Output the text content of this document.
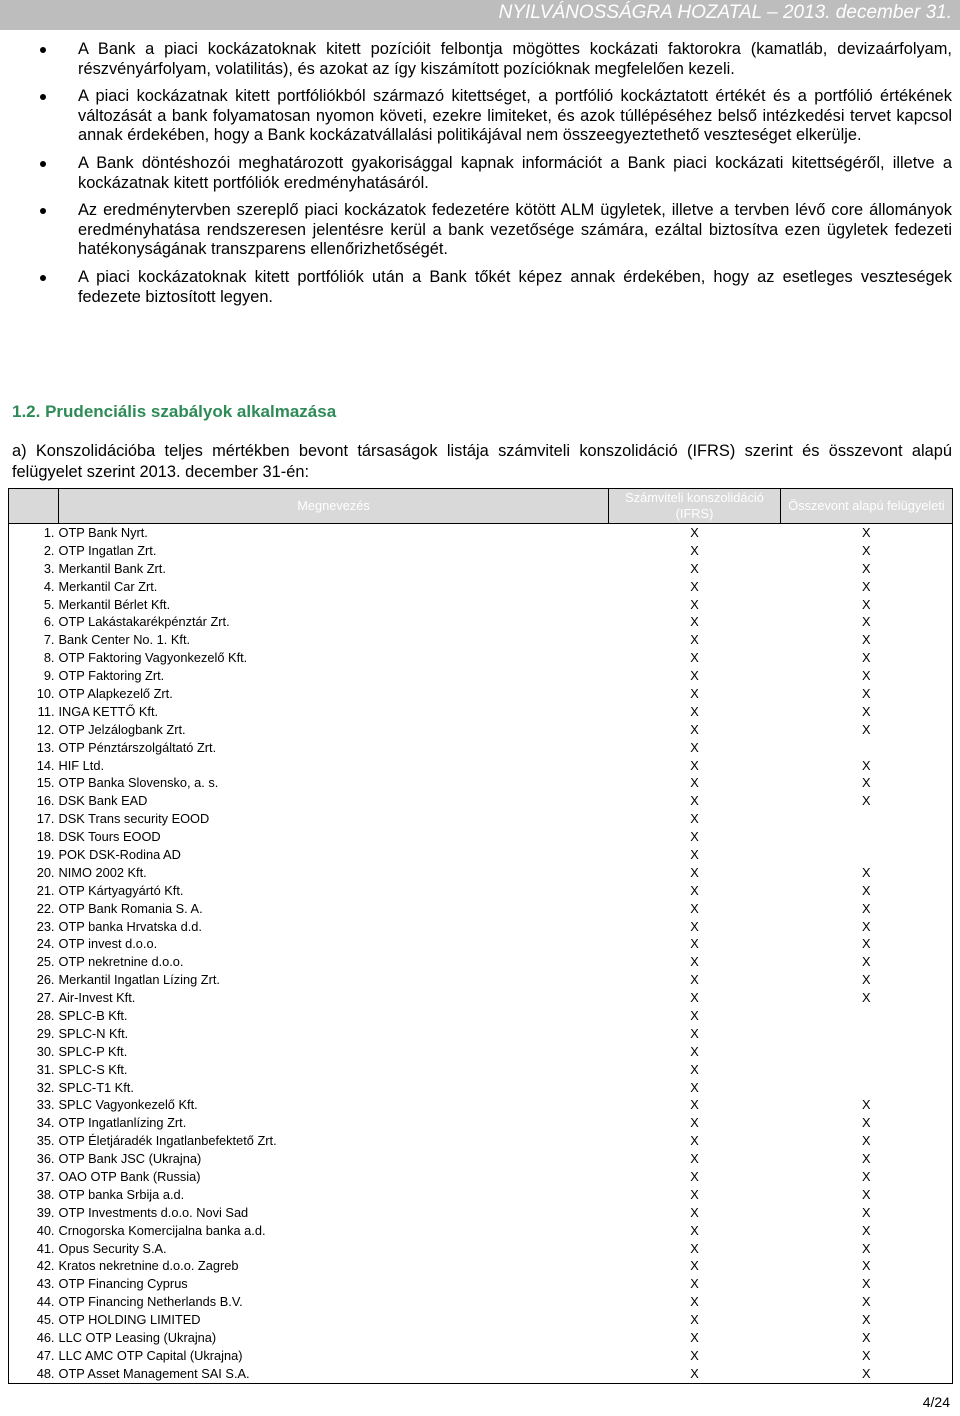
NYILVÁNOSSÁGRA HOZATAL – 2013. december 31.
A Bank a piaci kockázatoknak kitett pozícióit felbontja mögöttes kockázati faktorokra (kamatláb, devizaárfolyam, részvényárfolyam, volatilitás), és azokat az így kiszámított pozícióknak megfelelően kezeli.
A piaci kockázatnak kitett portfóliókból származó kitettséget, a portfólió kockáztatott értékét és a portfólió értékének változását a bank folyamatosan nyomon követi, ezekre limiteket, és azok túllépéséhez belső intézkedési tervet kapcsol annak érdekében, hogy a Bank kockázatvállalási politikájával nem összeegyeztethető veszteséget elkerülje.
A Bank döntéshozói meghatározott gyakorisággal kapnak információt a Bank piaci kockázati kitettségéről, illetve a kockázatnak kitett portfóliók eredményhatásáról.
Az eredménytervben szereplő piaci kockázatok fedezetére kötött ALM ügyletek, illetve a tervben lévő core állományok eredményhatása rendszeresen jelentésre kerül a bank vezetősége számára, ezáltal biztosítva ezen ügyletek fedezeti hatékonyságának transzparens ellenőrizhetőségét.
A piaci kockázatoknak kitett portfóliók után a Bank tőkét képez annak érdekében, hogy az esetleges veszteségek fedezete biztosított legyen.
1.2. Prudenciális szabályok alkalmazása

a) Konszolidációba teljes mértékben bevont társaságok listája számviteli konszolidáció (IFRS) szerint és összevont alapú felügyelet szerint 2013. december 31-én:

	Megnevezés	Számviteli konszolidáció (IFRS)	Összevont alapú felügyeleti
1.	OTP Bank Nyrt.	X	X
2.	OTP Ingatlan Zrt.	X	X
3.	Merkantil Bank Zrt.	X	X
4.	Merkantil Car Zrt.	X	X
5.	Merkantil Bérlet Kft.	X	X
6.	OTP Lakástakarékpénztár Zrt.	X	X
7.	Bank Center No. 1. Kft.	X	X
8.	OTP Faktoring Vagyonkezelő Kft.	X	X
9.	OTP Faktoring Zrt.	X	X
10.	OTP Alapkezelő Zrt.	X	X
11.	INGA KETTŐ Kft.	X	X
12.	OTP Jelzálogbank Zrt.	X	X
13.	OTP Pénztárszolgáltató Zrt.	X	
14.	HIF Ltd.	X	X
15.	OTP Banka Slovensko, a. s.	X	X
16.	DSK Bank EAD	X	X
17.	DSK Trans security EOOD	X	
18.	DSK Tours EOOD	X	
19.	POK DSK-Rodina AD	X	
20.	NIMO 2002 Kft.	X	X
21.	OTP Kártyagyártó Kft.	X	X
22.	OTP Bank Romania S. A.	X	X
23.	OTP banka Hrvatska d.d.	X	X
24.	OTP invest d.o.o.	X	X
25.	OTP nekretnine d.o.o.	X	X
26.	Merkantil Ingatlan Lízing Zrt.	X	X
27.	Air-Invest Kft.	X	X
28.	SPLC-B Kft.	X	
29.	SPLC-N Kft.	X	
30.	SPLC-P Kft.	X	
31.	SPLC-S Kft.	X	
32.	SPLC-T1 Kft.	X	
33.	SPLC Vagyonkezelő Kft.	X	X
34.	OTP Ingatlanlízing Zrt.	X	X
35.	OTP Életjáradék Ingatlanbefektető Zrt.	X	X
36.	OTP Bank JSC (Ukrajna)	X	X
37.	OAO OTP Bank (Russia)	X	X
38.	OTP banka Srbija a.d.	X	X
39.	OTP Investments d.o.o. Novi Sad	X	X
40.	Crnogorska Komercijalna banka a.d.	X	X
41.	Opus Security S.A.	X	X
42.	Kratos nekretnine d.o.o. Zagreb	X	X
43.	OTP Financing Cyprus	X	X
44.	OTP Financing Netherlands B.V.	X	X
45.	OTP HOLDING LIMITED	X	X
46.	LLC OTP Leasing (Ukrajna)	X	X
47.	LLC AMC OTP Capital (Ukrajna)	X	X
48.	OTP Asset Management SAI S.A.	X	X
4/24
